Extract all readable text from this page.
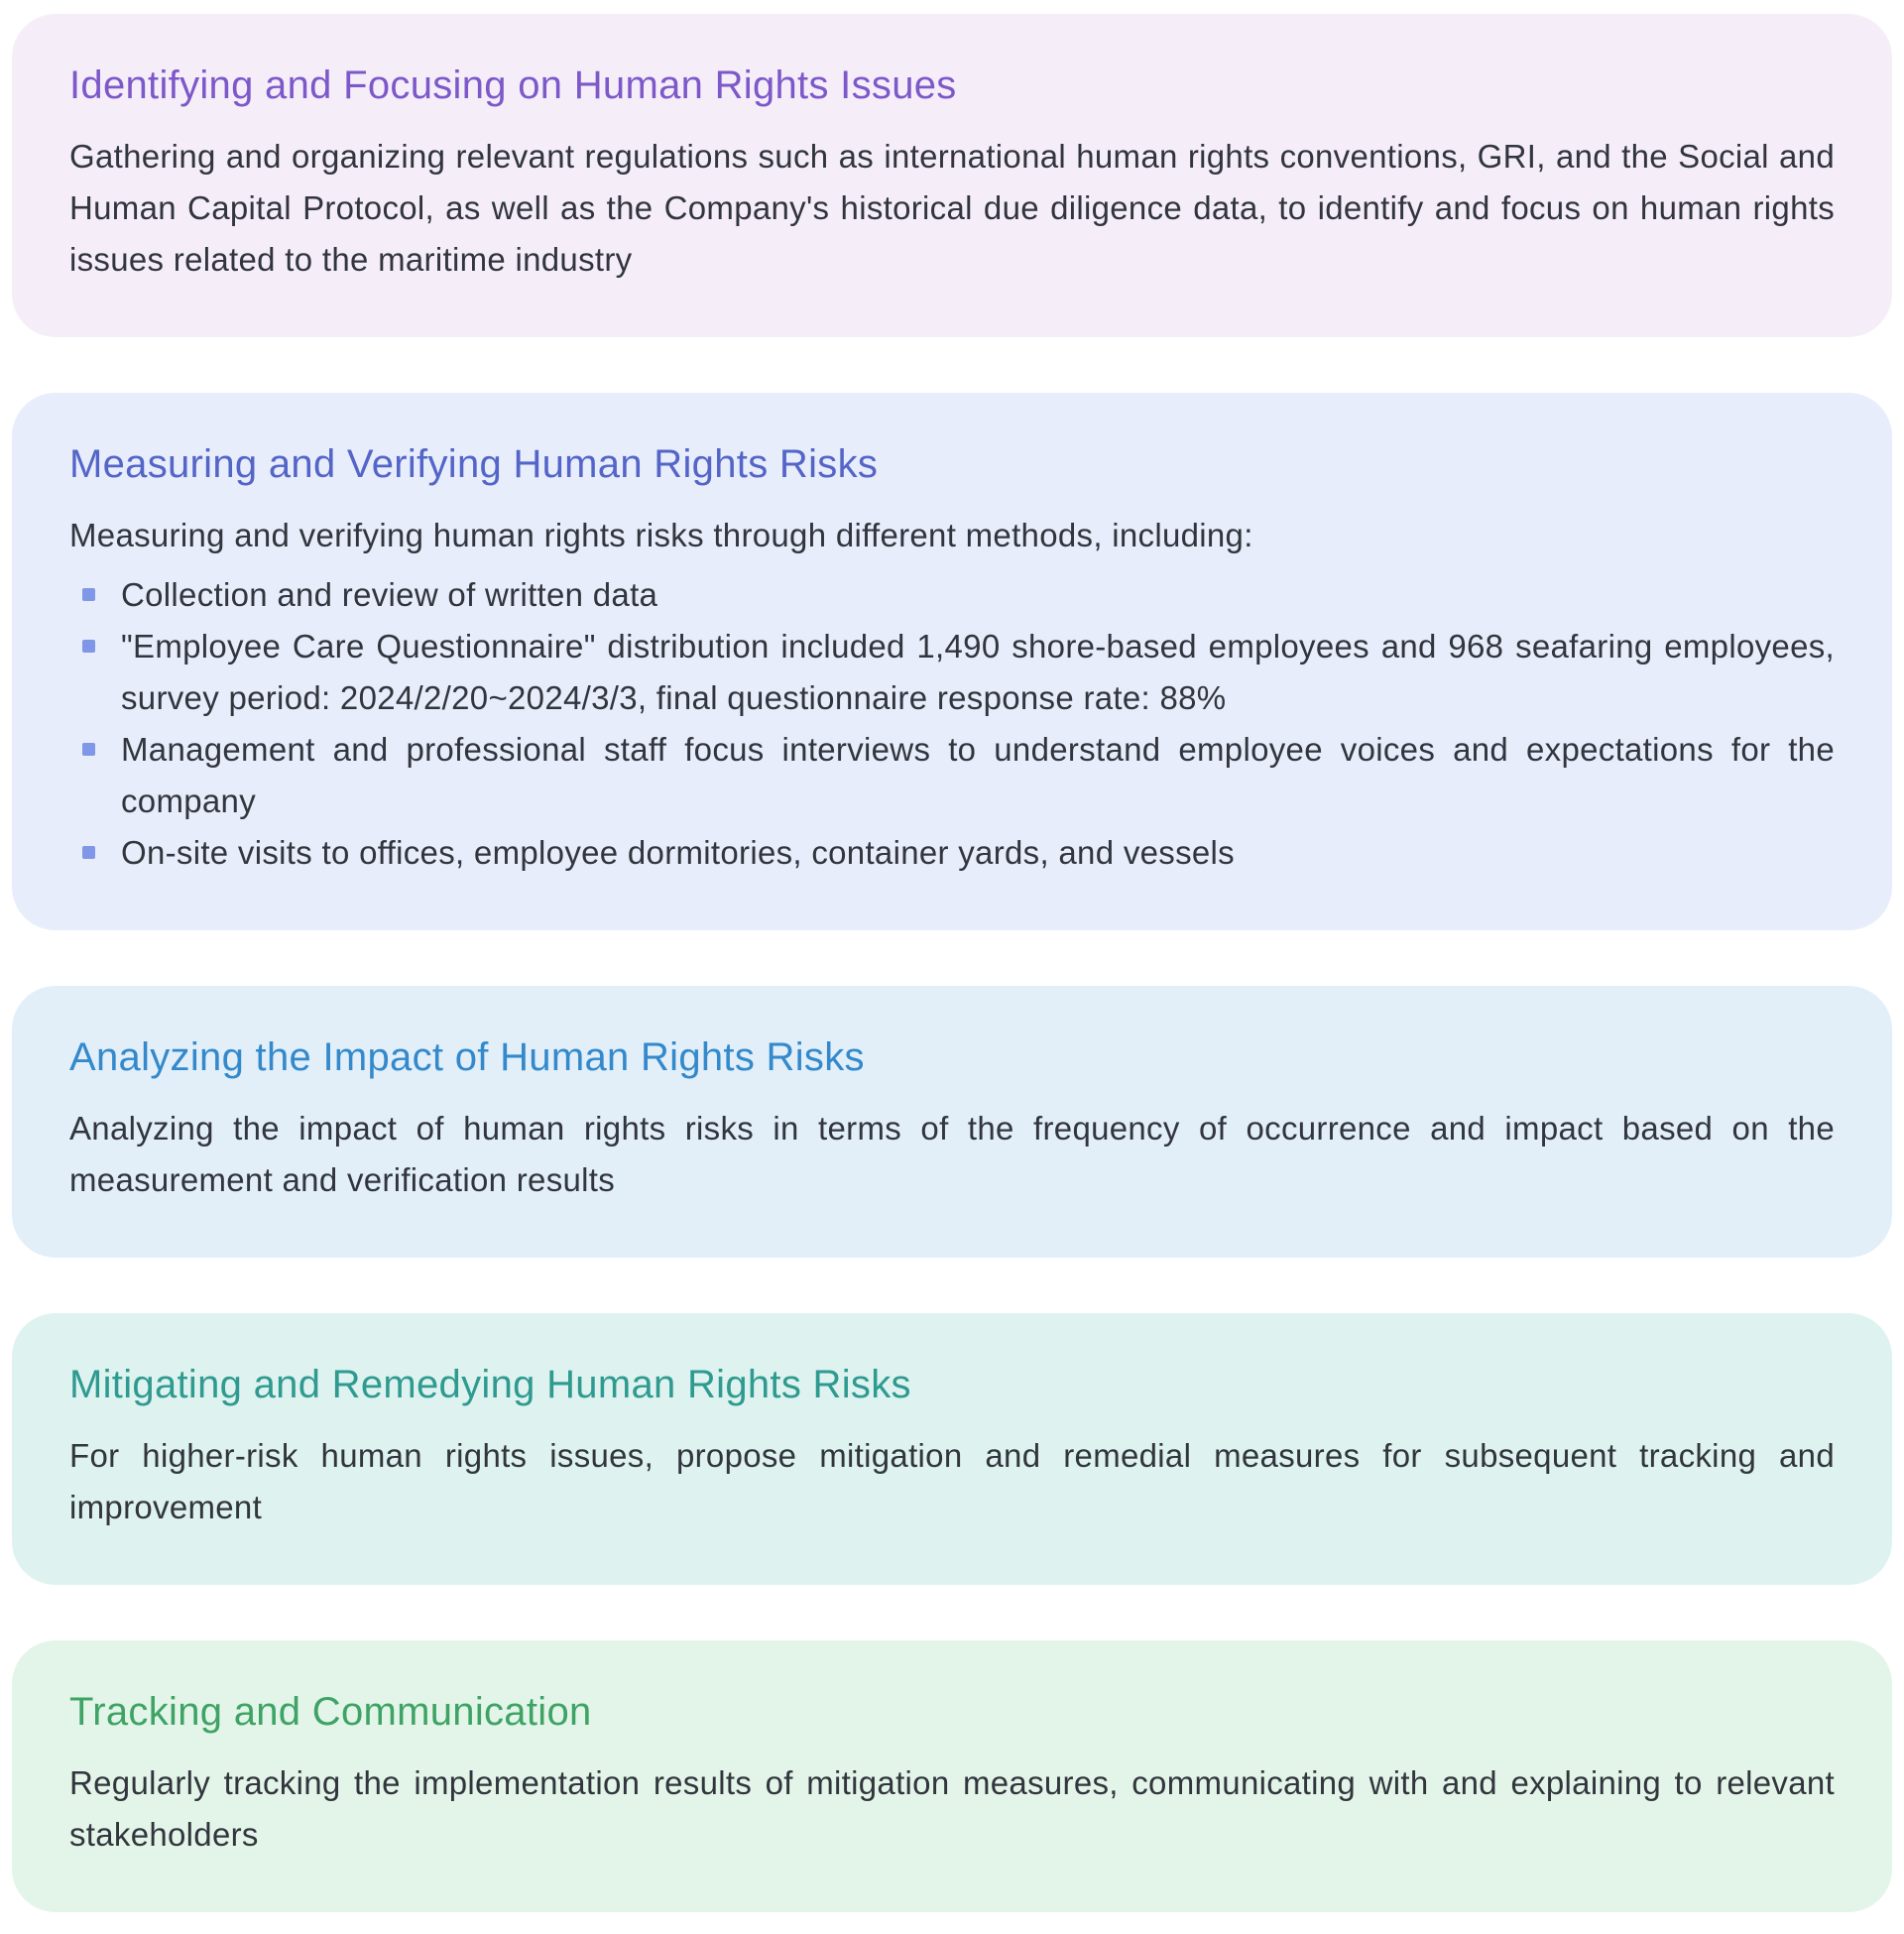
Identifying and Focusing on Human Rights Issues

Gathering and organizing relevant regulations such as international human rights conventions, GRI, and the Social and Human Capital Protocol, as well as the Company's historical due diligence data, to identify and focus on human rights issues related to the maritime industry

Measuring and Verifying Human Rights Risks

Measuring and verifying human rights risks through different methods, including:

Collection and review of written data
"Employee Care Questionnaire" distribution included 1,490 shore-based employees and 968 seafaring employees, survey period: 2024/2/20~2024/3/3, final questionnaire response rate: 88%
Management and professional staff focus interviews to understand employee voices and expectations for the company
On-site visits to offices, employee dormitories, container yards, and vessels
Analyzing the Impact of Human Rights Risks

Analyzing the impact of human rights risks in terms of the frequency of occurrence and impact based on the measurement and verification results

Mitigating and Remedying Human Rights Risks

For higher-risk human rights issues, propose mitigation and remedial measures for subsequent tracking and improvement

Tracking and Communication

Regularly tracking the implementation results of mitigation measures, communicating with and explaining to relevant stakeholders
